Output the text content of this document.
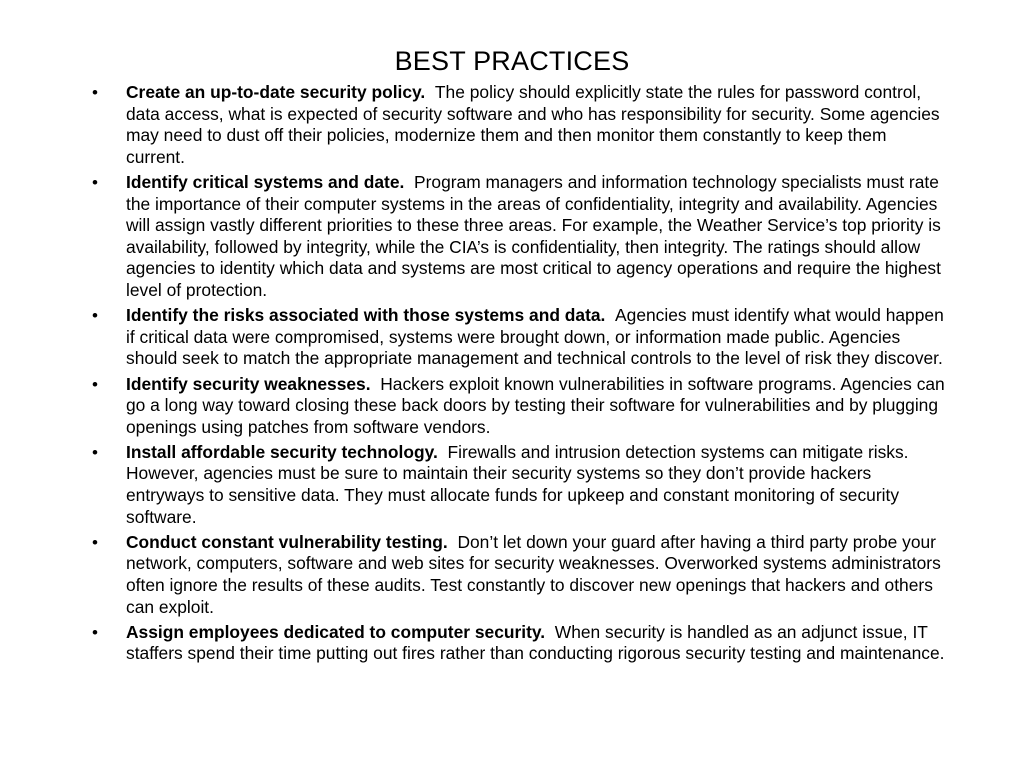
BEST PRACTICES
• Create an up-to-date security policy. The policy should explicitly state the rules for password control, data access, what is expected of security software and who has responsibility for security. Some agencies may need to dust off their policies, modernize them and then monitor them constantly to keep them current.
• Identify critical systems and date. Program managers and information technology specialists must rate the importance of their computer systems in the areas of confidentiality, integrity and availability. Agencies will assign vastly different priorities to these three areas. For example, the Weather Service’s top priority is availability, followed by integrity, while the CIA’s is confidentiality, then integrity. The ratings should allow agencies to identity which data and systems are most critical to agency operations and require the highest level of protection.
• Identify the risks associated with those systems and data. Agencies must identify what would happen if critical data were compromised, systems were brought down, or information made public. Agencies should seek to match the appropriate management and technical controls to the level of risk they discover.
• Identify security weaknesses. Hackers exploit known vulnerabilities in software programs. Agencies can go a long way toward closing these back doors by testing their software for vulnerabilities and by plugging openings using patches from software vendors.
• Install affordable security technology. Firewalls and intrusion detection systems can mitigate risks. However, agencies must be sure to maintain their security systems so they don’t provide hackers entryways to sensitive data. They must allocate funds for upkeep and constant monitoring of security software.
• Conduct constant vulnerability testing. Don’t let down your guard after having a third party probe your network, computers, software and web sites for security weaknesses. Overworked systems administrators often ignore the results of these audits. Test constantly to discover new openings that hackers and others can exploit.
• Assign employees dedicated to computer security. When security is handled as an adjunct issue, IT staffers spend their time putting out fires rather than conducting rigorous security testing and maintenance.
